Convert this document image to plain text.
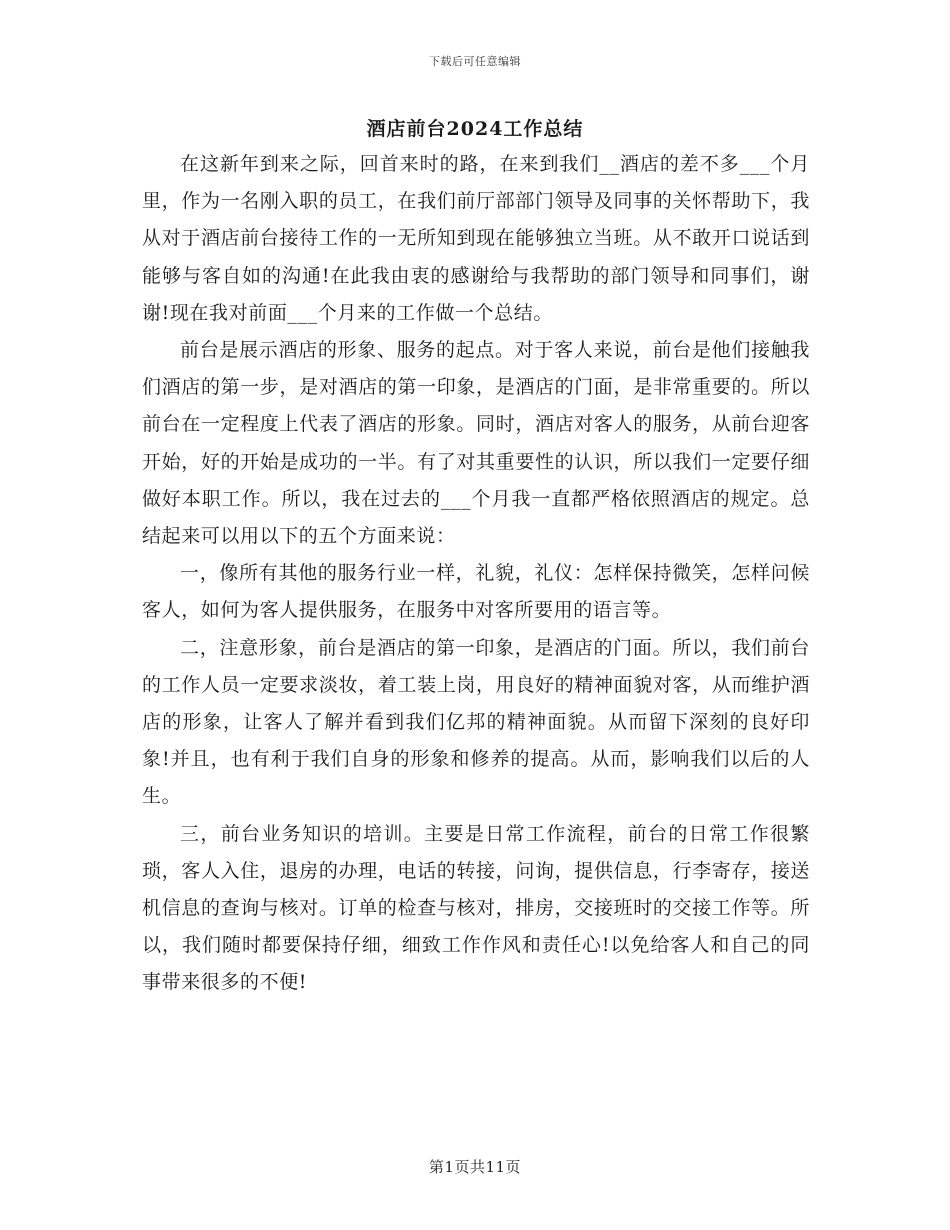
下载后可任意编辑
酒店前台2024工作总结

在这新年到来之际，回首来时的路，在来到我们__酒店的差不多___个月里，作为一名刚入职的员工，在我们前厅部部门领导及同事的关怀帮助下，我从对于酒店前台接待工作的一无所知到现在能够独立当班。从不敢开口说话到能够与客自如的沟通!在此我由衷的感谢给与我帮助的部门领导和同事们，谢谢!现在我对前面___个月来的工作做一个总结。

前台是展示酒店的形象、服务的起点。对于客人来说，前台是他们接触我们酒店的第一步，是对酒店的第一印象，是酒店的门面，是非常重要的。所以前台在一定程度上代表了酒店的形象。同时，酒店对客人的服务，从前台迎客开始，好的开始是成功的一半。有了对其重要性的认识，所以我们一定要仔细做好本职工作。所以，我在过去的___个月我一直都严格依照酒店的规定。总结起来可以用以下的五个方面来说：

一，像所有其他的服务行业一样，礼貌，礼仪：怎样保持微笑，怎样问候客人，如何为客人提供服务，在服务中对客所要用的语言等。

二，注意形象，前台是酒店的第一印象，是酒店的门面。所以，我们前台的工作人员一定要求淡妆，着工装上岗，用良好的精神面貌对客，从而维护酒店的形象，让客人了解并看到我们亿邦的精神面貌。从而留下深刻的良好印象!并且，也有利于我们自身的形象和修养的提高。从而，影响我们以后的人生。

三，前台业务知识的培训。主要是日常工作流程，前台的日常工作很繁琐，客人入住，退房的办理，电话的转接，问询，提供信息，行李寄存，接送机信息的查询与核对。订单的检查与核对，排房，交接班时的交接工作等。所以，我们随时都要保持仔细，细致工作作风和责任心!以免给客人和自己的同事带来很多的不便!

第1页共11页
